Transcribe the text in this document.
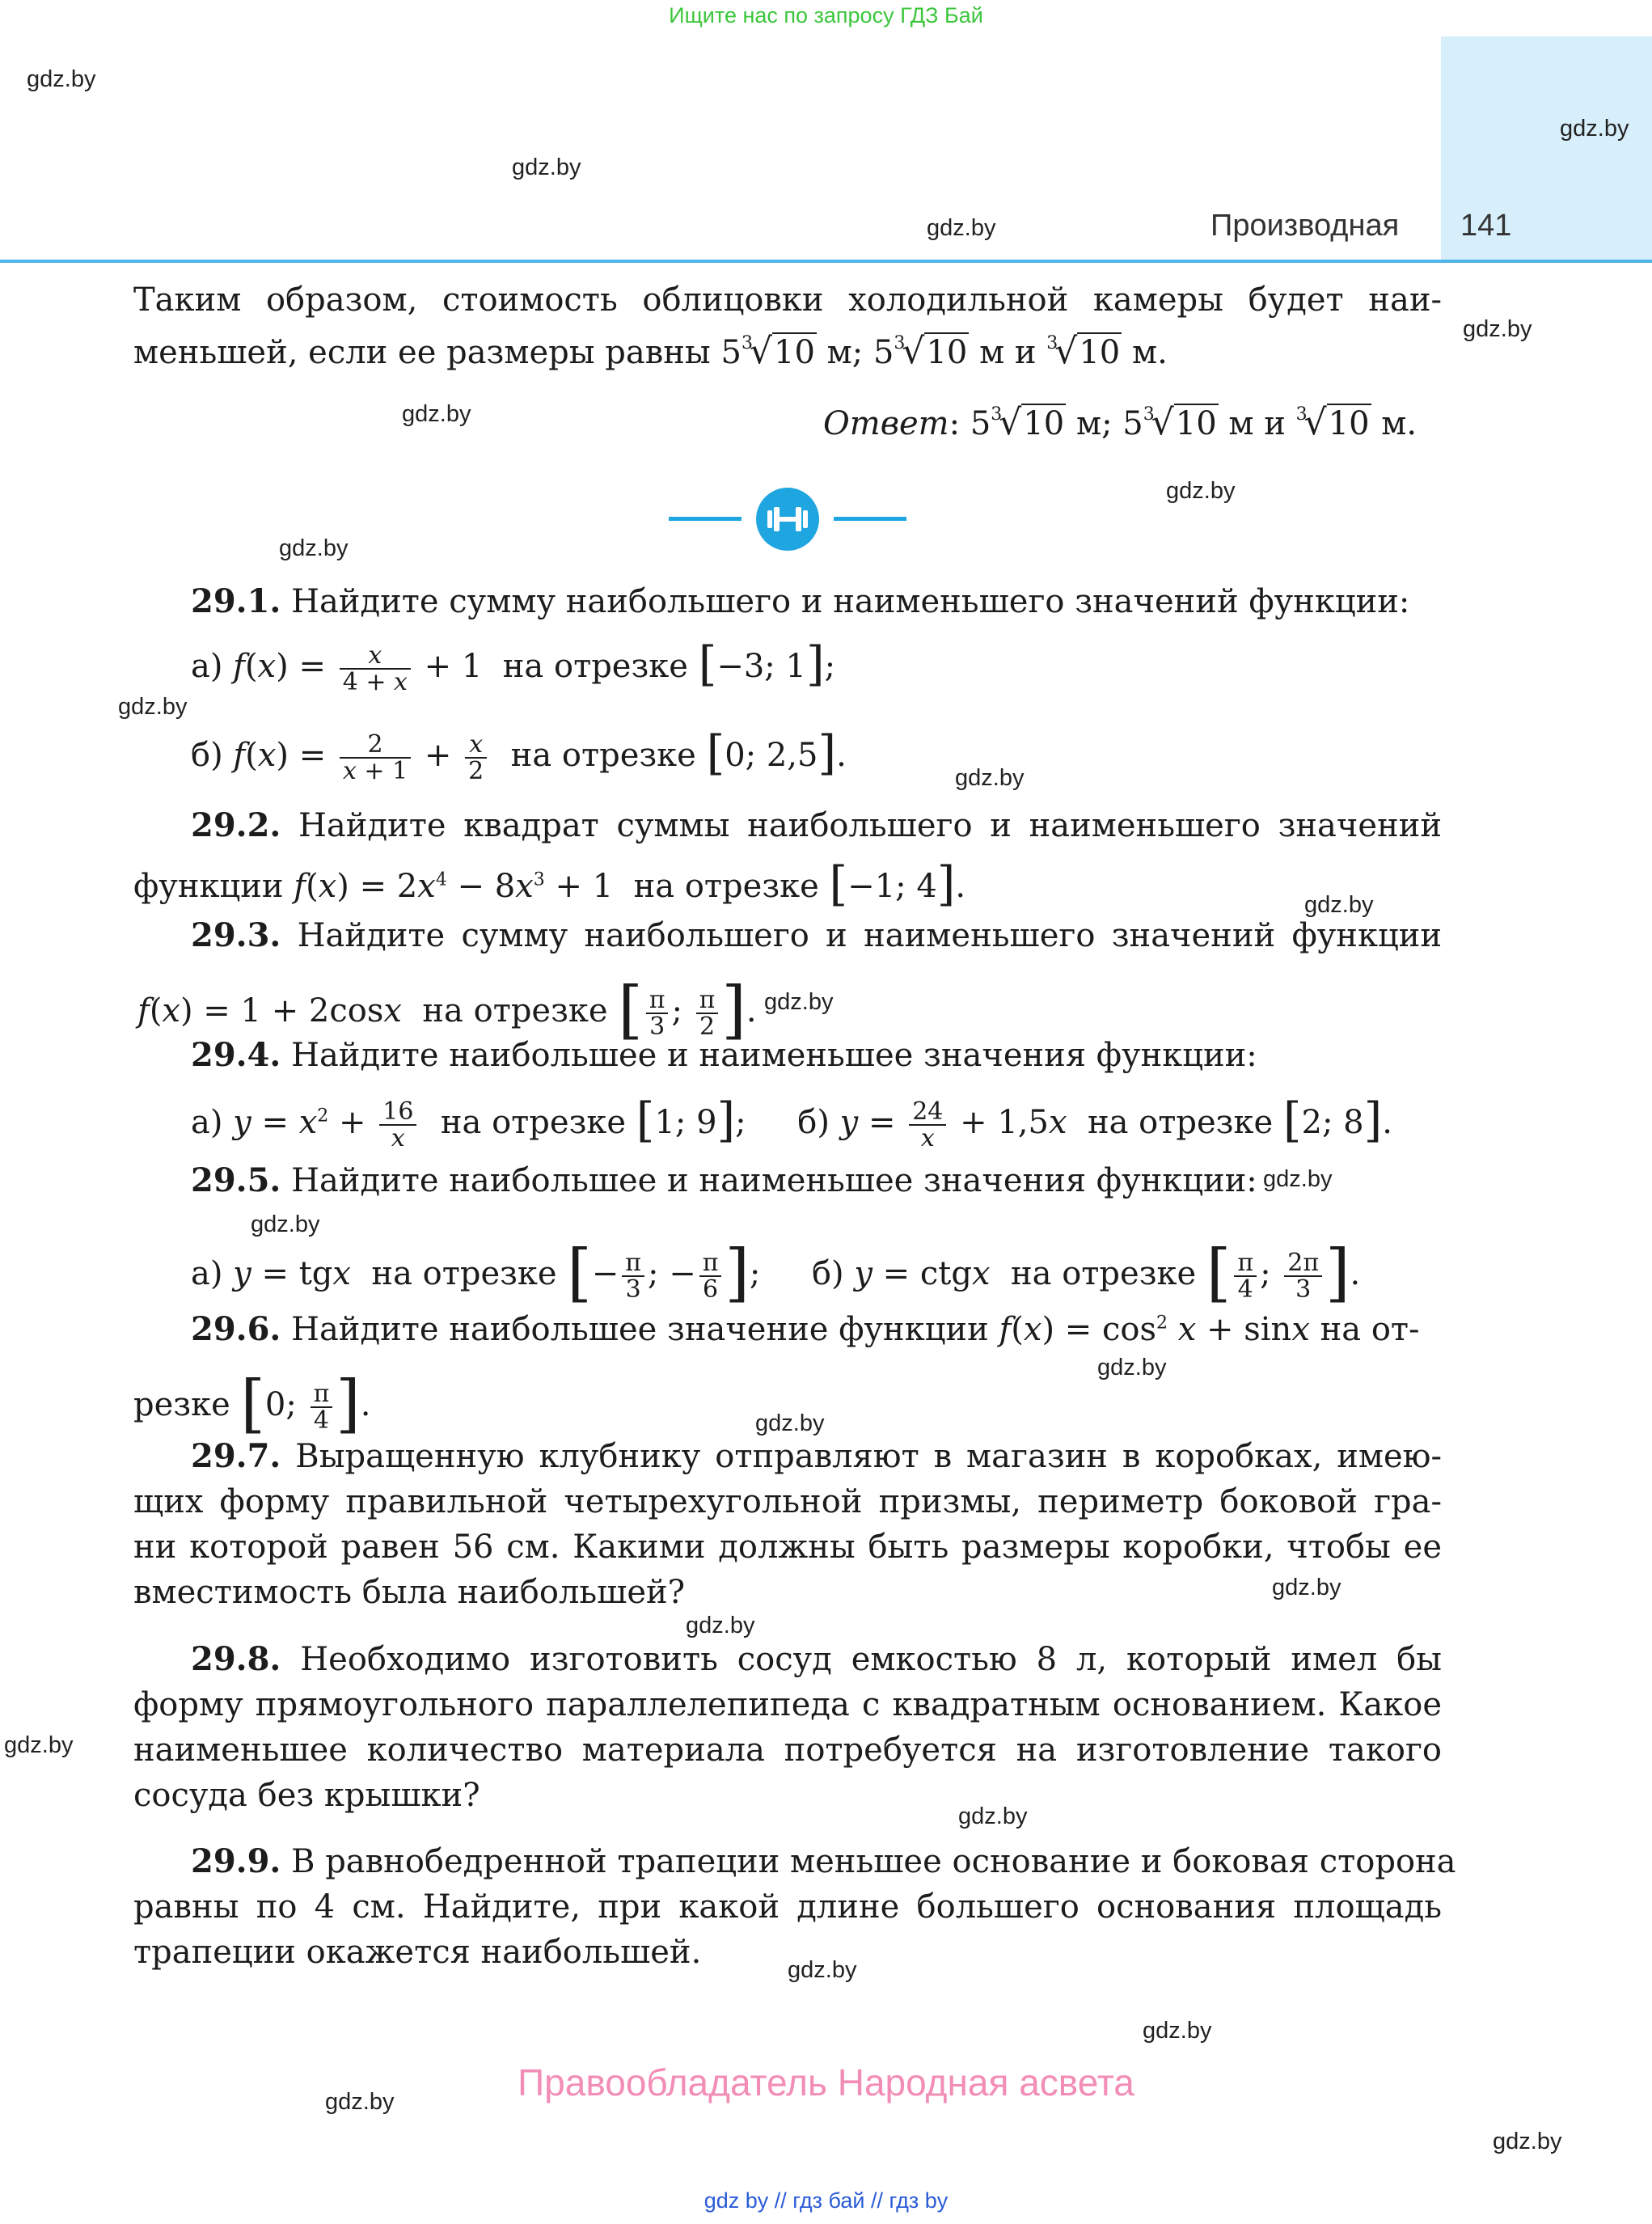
Ищите нас по запросу ГДЗ Бай
Производная 141
gdz.by
gdz.by
gdz.by
gdz.by
gdz.by
gdz.by
gdz.by
gdz.by
gdz.by
gdz.by
gdz.by
gdz.by
gdz.by
gdz.by
gdz.by
gdz.by
gdz.by
gdz.by
gdz.by
gdz.by
gdz.by
gdz.by
gdz.by
gdz.by
Таким образом, стоимость облицовки холодильной камеры будет наи-
меньшей, если ее размеры равны $5^3√10$ м; $5^3√10$ м и $^3$√10 м.
Ответ: $5^3√10$ м; $5^3√10$ м и $^3$√10 м.
29.1. Найдите сумму наибольшего и наименьшего значений функции:
а) $f(x) = \frac{x}{4 + x} + 1$  на отрезке [−3; 1];
б) $f(x) = \frac{2}{x + 1} + \frac{x}{2}$ на отрезке [0; 2,5].
29.2. Найдите квадрат суммы наибольшего и наименьшего значений
функции $f(x) = 2x^4 - 8x^3 + 1$  на отрезке [−1; 4].
29.3. Найдите сумму наибольшего и наименьшего значений функции
f(x) = 1 + 2cosx на отрезке [ $\frac{\pi}{3}$ ; $\frac{\pi}{2}$ ].
29.4. Найдите наибольшее и наименьшее значения функции:
а) $y = x^2 + \frac{16}{x}$ на отрезке [1; 9];     б) $y = \frac{24}{x} + 1,5x$ на отрезке [2; 8].
29.5. Найдите наибольшее и наименьшее значения функции:
а) y = tgx на отрезке [− $\frac{\pi}{3}$ ; − $\frac{\pi}{6}$ ];     б) y = ctgx на отрезке [ $\frac{\pi}{4}$ ; $\frac{2\pi}{3}$ ].
29.6. Найдите наибольшее значение функции $f(x) = \cos^2 x + \sin x$ на от-
резке [0; $\frac{\pi}{4}$ ].
29.7. Выращенную клубнику отправляют в магазин в коробках, имею-
щих форму правильной четырехугольной призмы, периметр боковой гра-
ни которой равен 56 см. Какими должны быть размеры коробки, чтобы ее
вместимость была наибольшей?
29.8. Необходимо изготовить сосуд емкостью 8 л, который имел бы
форму прямоугольного параллелепипеда с квадратным основанием. Какое
наименьшее количество материала потребуется на изготовление такого
сосуда без крышки?
29.9. В равнобедренной трапеции меньшее основание и боковая сторона
равны по 4 см. Найдите, при какой длине большего основания площадь
трапеции окажется наибольшей.
Правообладатель Народная асвета
gdz by // гдз бай // гдз by
